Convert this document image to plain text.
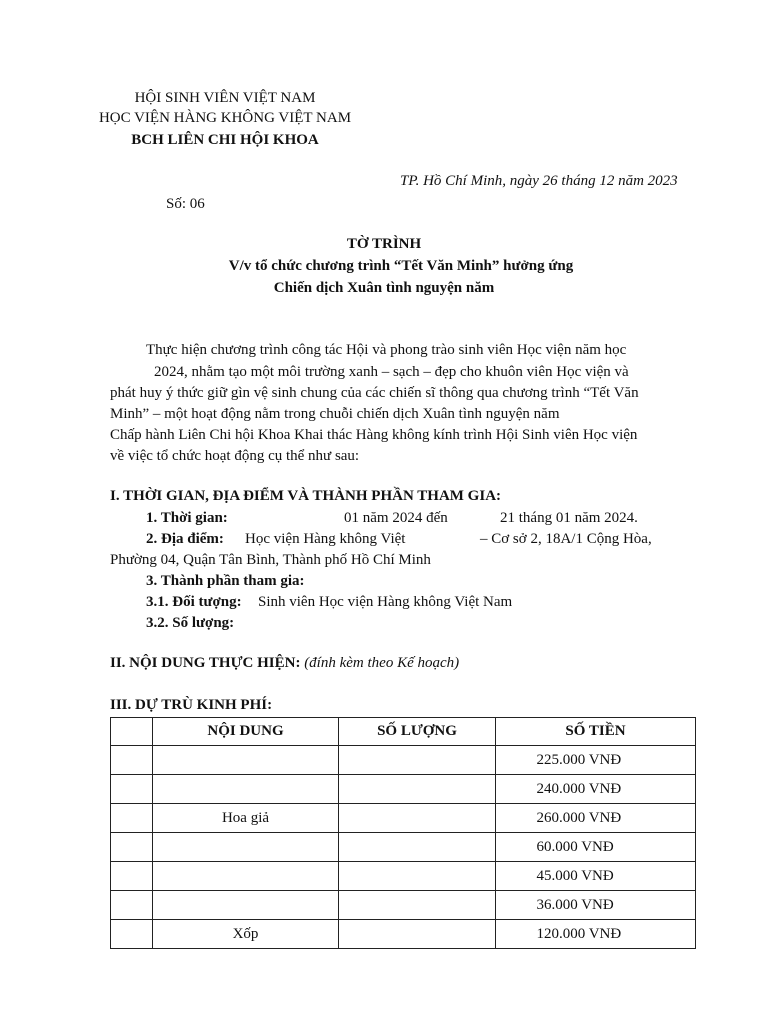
HỘI SINH VIÊN VIỆT NAM
HỌC VIỆN HÀNG KHÔNG VIỆT NAM
BCH LIÊN CHI HỘI KHOA
TP. Hồ Chí Minh, ngày 26 tháng 12 năm 2023
Số: 06
TỜ TRÌNH
V/v tổ chức chương trình “Tết Văn Minh” hưởng ứng
Chiến dịch Xuân tình nguyện năm
Thực hiện chương trình công tác Hội và phong trào sinh viên Học viện năm học
2024, nhằm tạo một môi trường xanh – sạch – đẹp cho khuôn viên Học viện và
phát huy ý thức giữ gìn vệ sinh chung của các chiến sĩ thông qua chương trình “Tết Văn
Minh” – một hoạt động nằm trong chuỗi chiến dịch Xuân tình nguyện năm
Chấp hành Liên Chi hội Khoa Khai thác Hàng không kính trình Hội Sinh viên Học viện
về việc tổ chức hoạt động cụ thể như sau:
I. THỜI GIAN, ĐỊA ĐIỂM VÀ THÀNH PHẦN THAM GIA:
1. Thời gian:	01 năm 2024 đến	21 tháng 01 năm 2024.
2. Địa điểm: Học viện Hàng không Việt	– Cơ sở 2, 18A/1 Cộng Hòa,
Phường 04, Quận Tân Bình, Thành phố Hồ Chí Minh
3. Thành phần tham gia:
3.1. Đối tượng: Sinh viên Học viện Hàng không Việt Nam
3.2. Số lượng:
II. NỘI DUNG THỰC HIỆN: (đính kèm theo Kế hoạch)
III. DỰ TRÙ KINH PHÍ:
	NỘI DUNG	SỐ LƯỢNG	SỐ TIỀN
			225.000 VNĐ
			240.000 VNĐ
	Hoa giả		260.000 VNĐ
			60.000 VNĐ
			45.000 VNĐ
			36.000 VNĐ
	Xốp		120.000 VNĐ
